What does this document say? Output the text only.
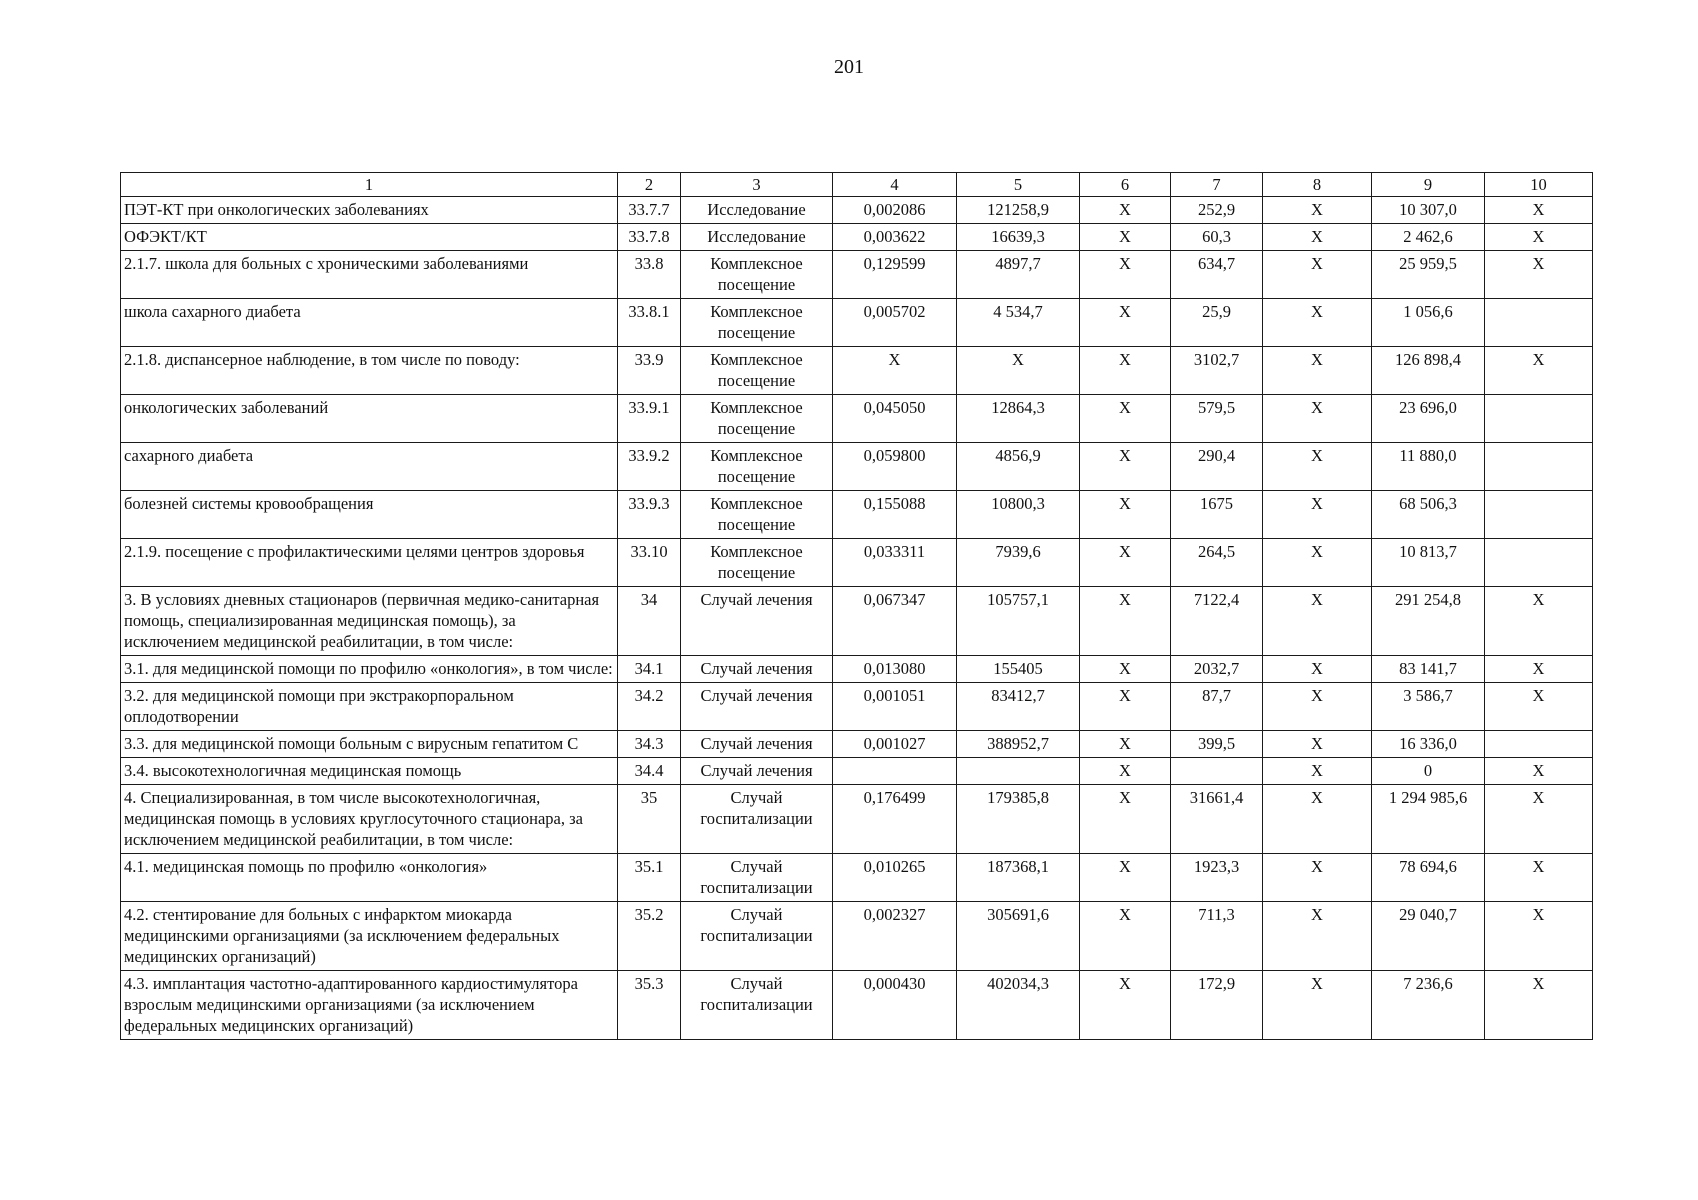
201
1	2	3	4	5	6	7	8	9	10
ПЭТ-КТ при онкологических заболеваниях	33.7.7	Исследование	0,002086	121258,9	X	252,9	X	10 307,0	X
ОФЭКТ/КТ	33.7.8	Исследование	0,003622	16639,3	X	60,3	X	2 462,6	X
2.1.7. школа для больных с хроническими заболеваниями	33.8	Комплексное посещение	0,129599	4897,7	X	634,7	X	25 959,5	X
школа сахарного диабета	33.8.1	Комплексное посещение	0,005702	4 534,7	X	25,9	X	1 056,6	
2.1.8. диспансерное наблюдение, в том числе по поводу:	33.9	Комплексное посещение	X	X	X	3102,7	X	126 898,4	X
онкологических заболеваний	33.9.1	Комплексное посещение	0,045050	12864,3	X	579,5	X	23 696,0	
сахарного диабета	33.9.2	Комплексное посещение	0,059800	4856,9	X	290,4	X	11 880,0	
болезней системы кровообращения	33.9.3	Комплексное посещение	0,155088	10800,3	X	1675	X	68 506,3	
2.1.9. посещение с профилактическими целями центров здоровья	33.10	Комплексное посещение	0,033311	7939,6	X	264,5	X	10 813,7	
3. В условиях дневных стационаров (первичная медико-санитарная помощь, специализированная медицинская помощь), за исключением медицинской реабилитации, в том числе:	34	Случай лечения	0,067347	105757,1	X	7122,4	X	291 254,8	X
3.1. для медицинской помощи по профилю «онкология», в том числе:	34.1	Случай лечения	0,013080	155405	X	2032,7	X	83 141,7	X
3.2. для медицинской помощи при экстракорпоральном оплодотворении	34.2	Случай лечения	0,001051	83412,7	X	87,7	X	3 586,7	X
3.3. для медицинской помощи больным с вирусным гепатитом С	34.3	Случай лечения	0,001027	388952,7	X	399,5	X	16 336,0	
3.4. высокотехнологичная медицинская помощь	34.4	Случай лечения			X		X	0	X
4. Специализированная, в том числе высокотехнологичная, медицинская помощь в условиях круглосуточного стационара, за исключением медицинской реабилитации, в том числе:	35	Случай госпитализации	0,176499	179385,8	X	31661,4	X	1 294 985,6	X
4.1. медицинская помощь по профилю «онкология»	35.1	Случай госпитализации	0,010265	187368,1	X	1923,3	X	78 694,6	X
4.2. стентирование для больных с инфарктом миокарда медицинскими организациями (за исключением федеральных медицинских организаций)	35.2	Случай госпитализации	0,002327	305691,6	X	711,3	X	29 040,7	X
4.3. имплантация частотно-адаптированного кардиостимулятора взрослым медицинскими организациями (за исключением федеральных медицинских организаций)	35.3	Случай госпитализации	0,000430	402034,3	X	172,9	X	7 236,6	X
